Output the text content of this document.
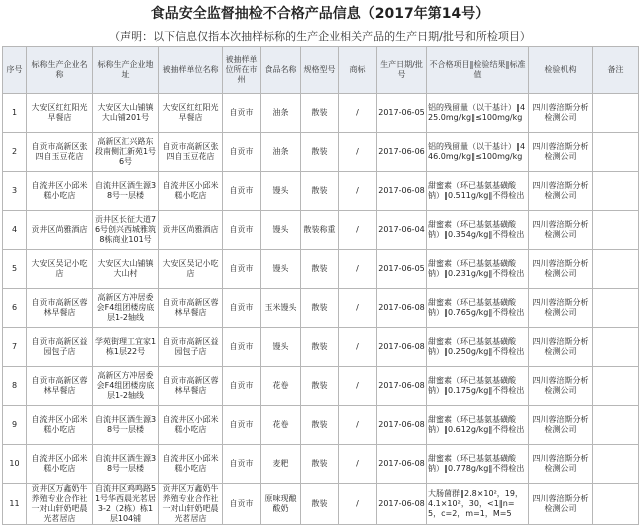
食品安全监督抽检不合格产品信息（2017年第14号）
（声明：以下信息仅指本次抽样标称的生产企业相关产品的生产日期/批号和所检项目）
序号	标称生产企业名称	标称生产企业地址	被抽样单位名称	被抽样单位所在市州	食品名称	规格型号	商标	生产日期/批号	不合格项目‖检验结果‖标准值	检验机构	备注
1	大安区红红阳光早餐店	大安区大山铺镇大山铺201号	大安区红红阳光早餐店	自贡市	油条	散装	/	2017-06-05	铝的残留量（以干基计）‖425.0mg/kg‖≤100mg/kg	四川蓉涪斯分析检测公司	
2	自贡市高新区张四自玉豆花店	高新区汇兴路东段南侧汇新苑1号6号	自贡市高新区张四自玉豆花店	自贡市	油条	散装	/	2017-06-06	铝的残留量（以干基计）‖446.0mg/kg‖≤100mg/kg	四川蓉涪斯分析检测公司	
3	自流井区小邱米糕小吃店	自流井区酒生源38号一层楼	自流井区小邱米糕小吃店	自贡市	馒头	散装	/	2017-06-08	甜蜜素（环已基氨基磺酸钠）‖0.511g/kg‖不得检出	四川蓉涪斯分析检测公司	
4	贡井区尚雅酒店	贡井区长征大道76号创兴西城雅筑8栋商业101号	贡井区尚雅酒店	自贡市	馒头	散装称重	/	2017-06-04	甜蜜素（环已基氨基磺酸钠）‖0.354g/kg‖不得检出	四川蓉涪斯分析检测公司	
5	大安区吴记小吃店	大安区大山铺镇大山村	大安区吴记小吃店	自贡市	馒头	散装	/	2017-06-05	甜蜜素（环已基氨基磺酸钠）‖0.231g/kg‖不得检出	四川蓉涪斯分析检测公司	
6	自贡市高新区蓉林早餐店	高新区方冲居委会F4组团楼房底层1-2轴线	自贡市高新区蓉林早餐店	自贡市	玉米馒头	散装	/	2017-06-08	甜蜜素（环已基氨基磺酸钠）‖0.765g/kg‖不得检出	四川蓉涪斯分析检测公司	
7	自贡市高新区益园包子店	学苑街理工宜家1栋1层22号	自贡市高新区益园包子店	自贡市	馒头	散装	/	2017-06-08	甜蜜素（环已基氨基磺酸钠）‖0.250g/kg‖不得检出	四川蓉涪斯分析检测公司	
8	自贡市高新区蓉林早餐店	高新区方冲居委会F4组团楼房底层1-2轴线	自贡市高新区蓉林早餐店	自贡市	花卷	散装	/	2017-06-08	甜蜜素（环已基氨基磺酸钠）‖0.175g/kg‖不得检出	四川蓉涪斯分析检测公司	
9	自流井区小邱米糕小吃店	自流井区酒生源38号一层楼	自流井区小邱米糕小吃店	自贡市	花卷	散装	/	2017-06-08	甜蜜素（环已基氨基磺酸钠）‖0.612g/kg‖不得检出	四川蓉涪斯分析检测公司	
10	自流井区小邱米糕小吃店	自流井区酒生源38号一层楼	自流井区小邱米糕小吃店	自贡市	麦粑	散装	/	2017-06-08	甜蜜素（环已基氨基磺酸钠）‖0.778g/kg‖不得检出	四川蓉涪斯分析检测公司	
11	贡井区万鑫奶牛养殖专业合作社一对山轩奶吧晨光茗居店	自流井区鸡鸣路51号华西晨光茗居3-2（2栋）栋1层104铺	贡井区万鑫奶牛养殖专业合作社一对山轩奶吧晨光茗居店	自贡市	原味现酿酸奶	散装	/	2017-06-08	大肠菌群‖2.8×10²，19，4.1×10²，30，<1‖n=5，c=2，m=1，M=5	四川蓉涪斯分析检测公司	
